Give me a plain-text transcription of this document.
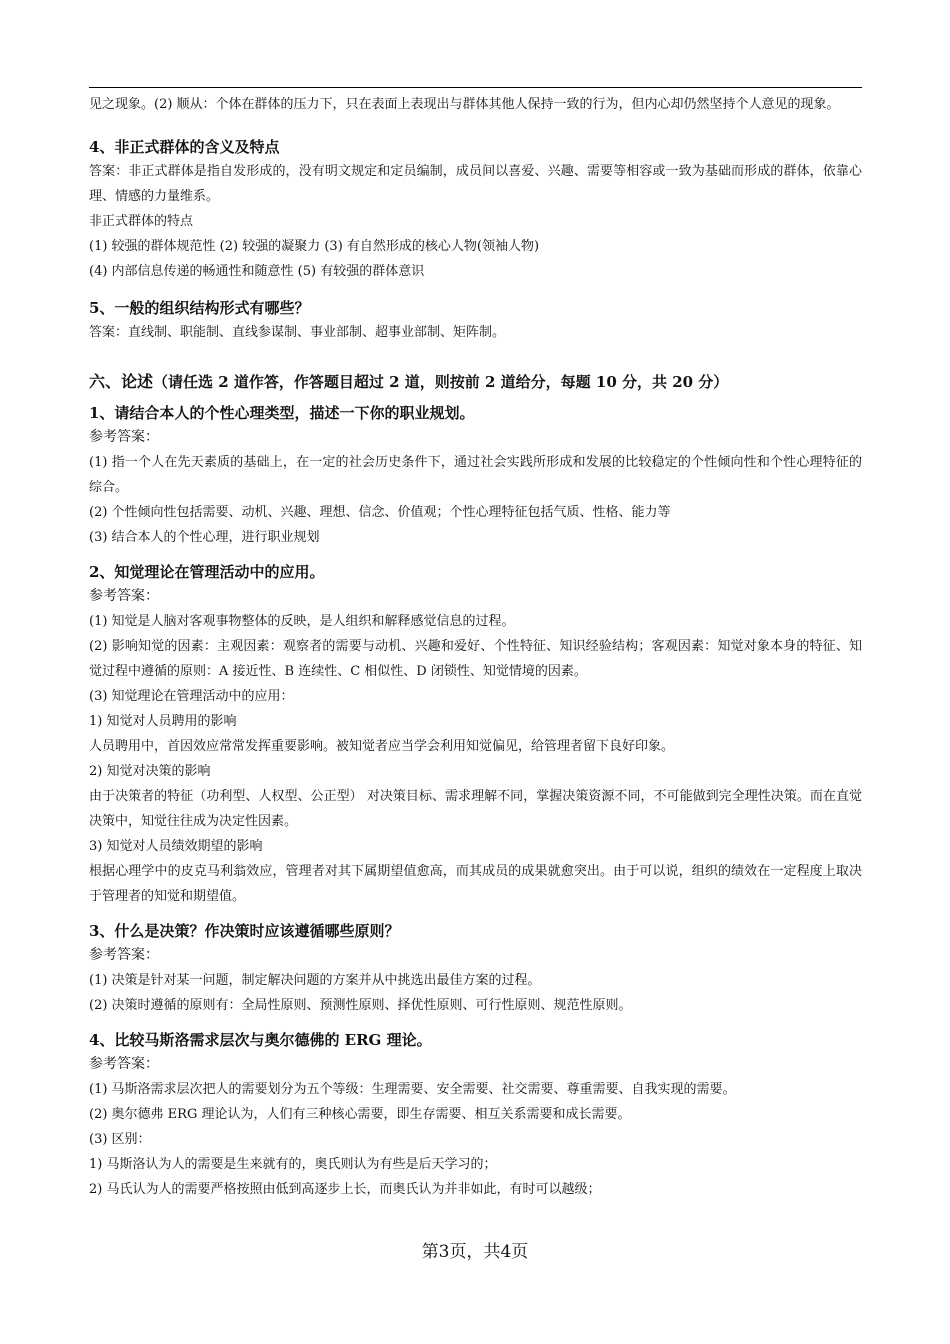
见之现象。(2) 顺从：个体在群体的压力下，只在表面上表现出与群体其他人保持一致的行为，但内心却仍然坚持个人意见的现象。

4、非正式群体的含义及特点

答案：非正式群体是指自发形成的，没有明文规定和定员编制，成员间以喜爱、兴趣、需要等相容或一致为基础而形成的群体，依靠心理、情感的力量维系。

非正式群体的特点

(1) 较强的群体规范性 (2) 较强的凝聚力 (3) 有自然形成的核心人物(领袖人物)

(4) 内部信息传递的畅通性和随意性 (5) 有较强的群体意识

5、一般的组织结构形式有哪些？

答案：直线制、职能制、直线参谋制、事业部制、超事业部制、矩阵制。

六、论述（请任选 2 道作答，作答题目超过 2 道，则按前 2 道给分，每题 10 分，共 20 分）

1、请结合本人的个性心理类型，描述一下你的职业规划。

参考答案：

(1) 指一个人在先天素质的基础上，在一定的社会历史条件下，通过社会实践所形成和发展的比较稳定的个性倾向性和个性心理特征的综合。

(2) 个性倾向性包括需要、动机、兴趣、理想、信念、价值观；个性心理特征包括气质、性格、能力等

(3) 结合本人的个性心理，进行职业规划

2、知觉理论在管理活动中的应用。

参考答案：

(1) 知觉是人脑对客观事物整体的反映，是人组织和解释感觉信息的过程。

(2) 影响知觉的因素：主观因素：观察者的需要与动机、兴趣和爱好、个性特征、知识经验结构；客观因素：知觉对象本身的特征、知觉过程中遵循的原则：A 接近性、B 连续性、C 相似性、D 闭锁性、知觉情境的因素。

(3) 知觉理论在管理活动中的应用：

1) 知觉对人员聘用的影响

人员聘用中，首因效应常常发挥重要影响。被知觉者应当学会利用知觉偏见，给管理者留下良好印象。

2) 知觉对决策的影响

由于决策者的特征（功利型、人权型、公正型） 对决策目标、需求理解不同，掌握决策资源不同，不可能做到完全理性决策。而在直觉决策中，知觉往往成为决定性因素。

3) 知觉对人员绩效期望的影响

根据心理学中的皮克马利翁效应，管理者对其下属期望值愈高，而其成员的成果就愈突出。由于可以说，组织的绩效在一定程度上取决于管理者的知觉和期望值。

3、什么是决策？作决策时应该遵循哪些原则？

参考答案：

(1) 决策是针对某一问题，制定解决问题的方案并从中挑选出最佳方案的过程。

(2) 决策时遵循的原则有：全局性原则、预测性原则、择优性原则、可行性原则、规范性原则。

4、比较马斯洛需求层次与奥尔德佛的 ERG 理论。

参考答案：

(1) 马斯洛需求层次把人的需要划分为五个等级：生理需要、安全需要、社交需要、尊重需要、自我实现的需要。

(2) 奥尔德弗 ERG 理论认为，人们有三种核心需要，即生存需要、相互关系需要和成长需要。

(3) 区别：

1) 马斯洛认为人的需要是生来就有的，奥氏则认为有些是后天学习的；

2) 马氏认为人的需要严格按照由低到高逐步上长，而奥氏认为并非如此，有时可以越级；

第3页，共4页
